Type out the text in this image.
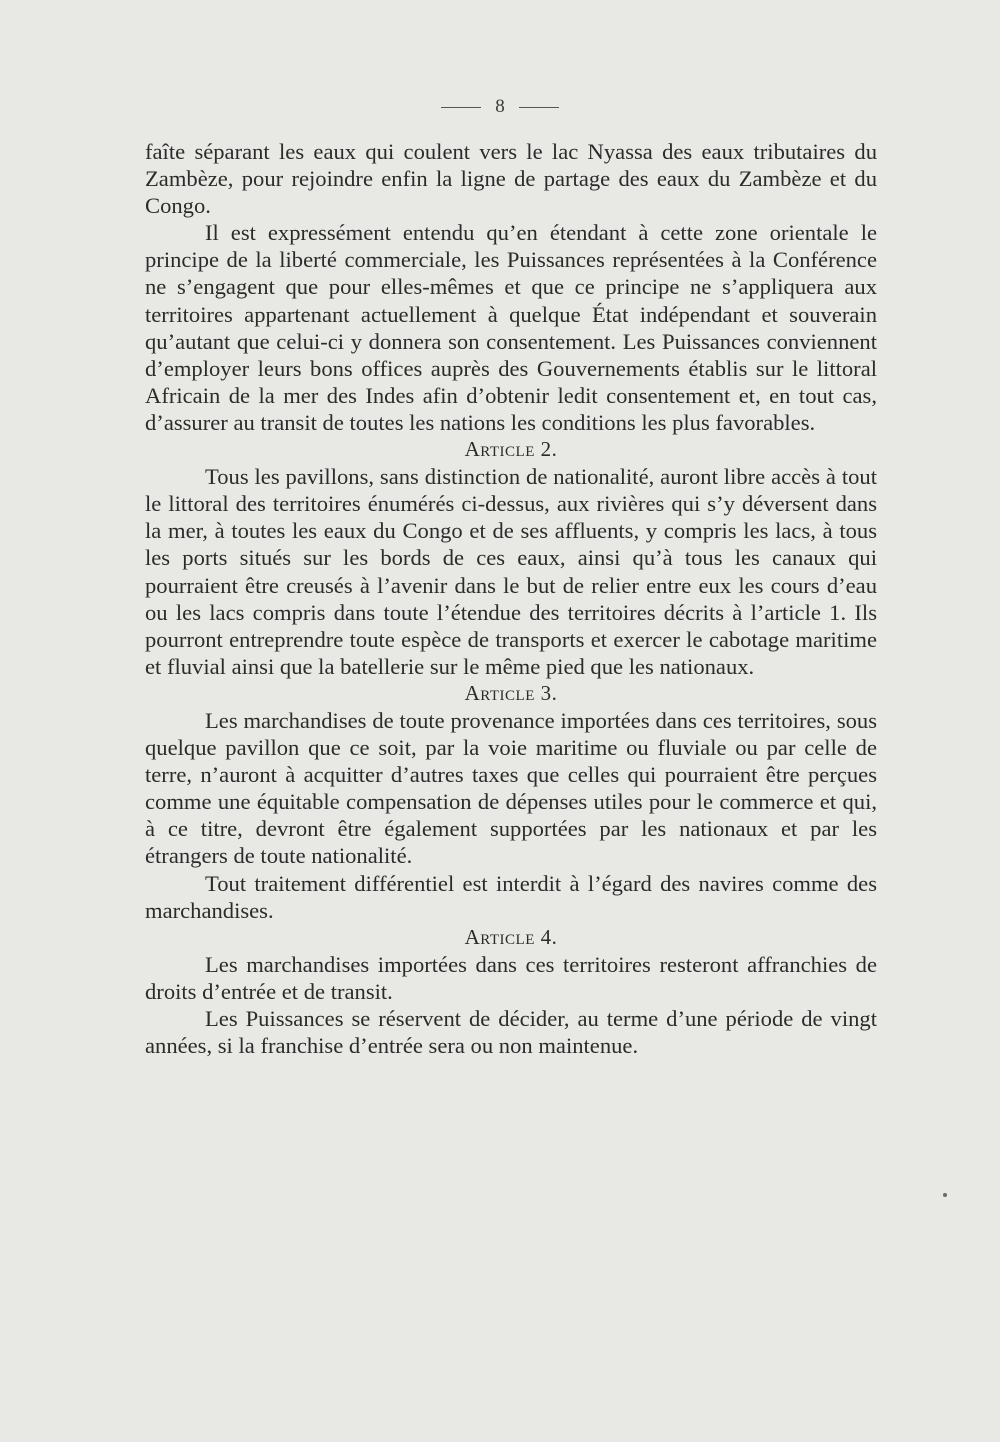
8

faîte séparant les eaux qui coulent vers le lac Nyassa des eaux tributaires du Zambèze, pour rejoindre enfin la ligne de partage des eaux du Zambèze et du Congo.

Il est expressément entendu qu’en étendant à cette zone orientale le principe de la liberté commerciale, les Puissances représentées à la Conférence ne s’engagent que pour elles-mêmes et que ce principe ne s’appliquera aux territoires appartenant actuellement à quelque État indépendant et souverain qu’autant que celui-ci y donnera son consentement. Les Puissances conviennent d’employer leurs bons offices auprès des Gouvernements établis sur le littoral Africain de la mer des Indes afin d’obtenir ledit consentement et, en tout cas, d’assurer au transit de toutes les nations les conditions les plus favorables.

Article 2.

Tous les pavillons, sans distinction de nationalité, auront libre accès à tout le littoral des territoires énumérés ci-dessus, aux rivières qui s’y déversent dans la mer, à toutes les eaux du Congo et de ses affluents, y compris les lacs, à tous les ports situés sur les bords de ces eaux, ainsi qu’à tous les canaux qui pourraient être creusés à l’avenir dans le but de relier entre eux les cours d’eau ou les lacs compris dans toute l’étendue des territoires décrits à l’article 1. Ils pourront entreprendre toute espèce de transports et exercer le cabotage maritime et fluvial ainsi que la batellerie sur le même pied que les nationaux.

Article 3.

Les marchandises de toute provenance importées dans ces territoires, sous quelque pavillon que ce soit, par la voie maritime ou fluviale ou par celle de terre, n’auront à acquitter d’autres taxes que celles qui pourraient être perçues comme une équitable compensation de dépenses utiles pour le commerce et qui, à ce titre, devront être également supportées par les nationaux et par les étrangers de toute nationalité.

Tout traitement différentiel est interdit à l’égard des navires comme des marchandises.

Article 4.

Les marchandises importées dans ces territoires resteront affranchies de droits d’entrée et de transit.

Les Puissances se réservent de décider, au terme d’une période de vingt années, si la franchise d’entrée sera ou non maintenue.
